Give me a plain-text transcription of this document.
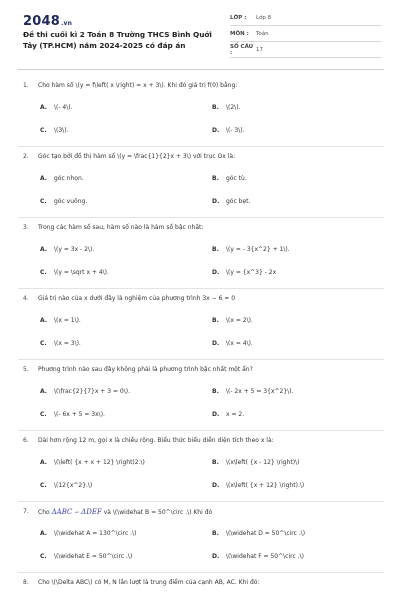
2048.vn
Đề thi cuối kì 2 Toán 8 Trường THCS Bình Quới Tây (TP.HCM) năm 2024-2025 có đáp án
LỚP :	Lớp 8
MÔN :	Toán
SỐ CÂU :	17
1. Cho hàm số \(y = f\left( x \right) = x + 3\). Khi đó giá trị f(0) bằng:
A. \(- 4\).	B. \(2\).
C. \(3\).	D. \(- 3\).
2. Góc tạo bởi đồ thị hàm số \(y = \frac{1}{2}x + 3\) với trục Ox là:
A. góc nhọn.	B. góc tù.
C. góc vuông.	D. góc bẹt.
3. Trong các hàm số sau, hàm số nào là hàm số bậc nhất:
A. \(y = 3x - 2\).	B. \(y = - 3{x^2} + 1\).
C. \(y = \sqrt x + 4\).	D. \(y = {x^3} - 2x
4. Giá trị nào của x dưới đây là nghiệm của phương trình 3x − 6 = 0
A. \(x = 1\).	B. \(x = 2\).
C. \(x = 3\).	D. \(x = 4\).
5. Phương trình nào sau đây không phải là phương trình bậc nhất một ẩn?
A. \(\frac{2}{7}x + 3 = 0\).	B. \(- 2x + 5 = 3{x^2}\).
C. \(- 6x + 5 = 3x\).	D. x = 2.
6. Dài hơn rộng 12 m, gọi x là chiều rộng. Biểu thức biểu diễn diện tích theo x là:
A. \(\left( {x + x + 12} \right)2.\)	B. \(x\left( {x - 12} \right)\)
C. \(12{x^2}.\)	D. \(x\left( {x + 12} \right).\)
7. Cho ΔABC ∽ ΔDEF và \(\widehat B = 50^\circ .\) Khi đó
A. \(\widehat A = 130^\circ .\)	B. \(\widehat D = 50^\circ .\)
C. \(\widehat E = 50^\circ .\)	D. \(\widehat F = 50^\circ .\)
8. Cho \(\Delta ABC\) có M, N lần lượt là trung điểm của cạnh AB, AC. Khi đó:
